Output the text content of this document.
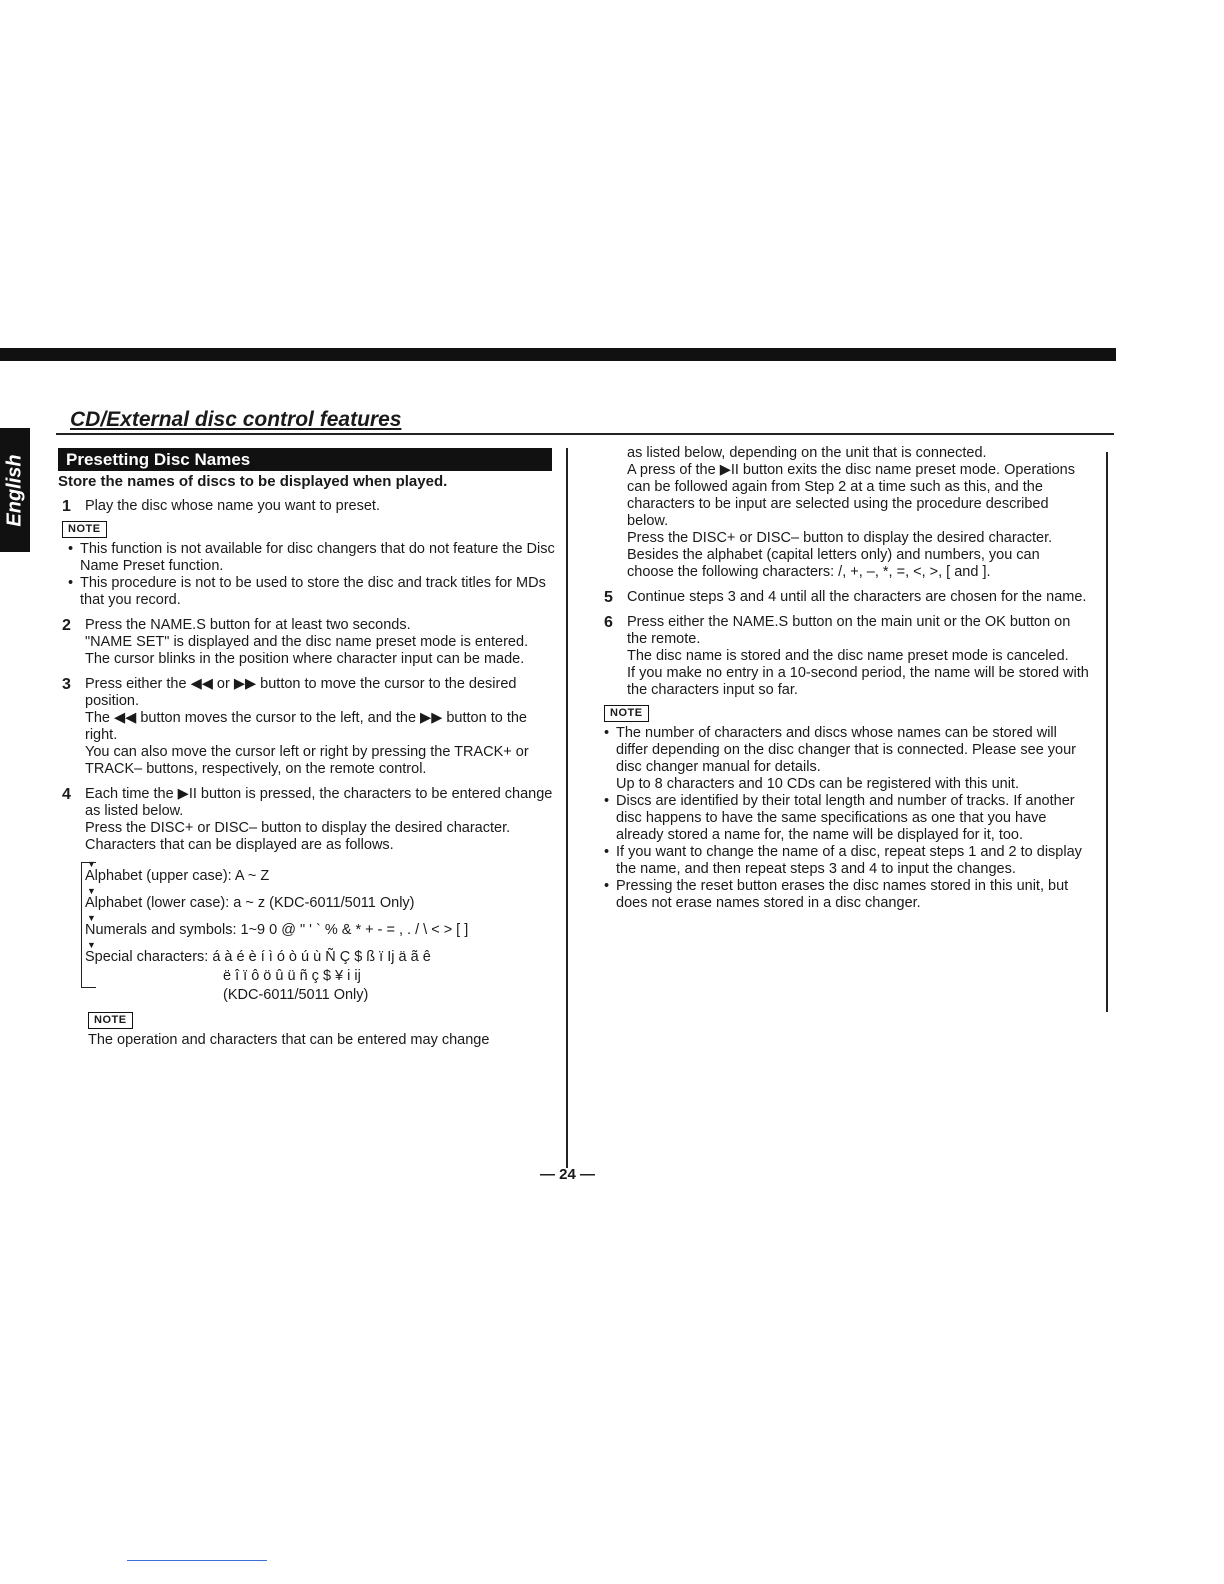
English
CD/External disc control features
Presetting Disc Names

Store the names of discs to be displayed when played.

1 Play the disc whose name you want to preset.

NOTE
• This function is not available for disc changers that do not feature the Disc Name Preset function.
• This procedure is not to be used to store the disc and track titles for MDs that you record.

2 Press the NAME.S button for at least two seconds.

"NAME SET" is displayed and the disc name preset mode is entered.

The cursor blinks in the position where character input can be made.

3 Press either the ◀◀ or ▶▶ button to move the cursor to the desired position.

The ◀◀ button moves the cursor to the left, and the ▶▶ button to the right.

You can also move the cursor left or right by pressing the TRACK+ or TRACK– buttons, respectively, on the remote control.

4 Each time the ▶II button is pressed, the characters to be entered change as listed below.

Press the DISC+ or DISC– button to display the desired character.

Characters that can be displayed are as follows.

▼
Alphabet (upper case): A ~ Z
▼
Alphabet (lower case): a ~ z (KDC-6011/5011 Only)
▼
Numerals and symbols: 1~9 0 @ " ' ` % & * + - = , . / \ < > [ ]
▼
Special characters: á à é è í ì ó ò ú ù Ñ Ç $ ß ï Ij ä ã ê
ë î ï ô ö û ü ñ ç $ ¥ i ij
(KDC-6011/5011 Only)
NOTE

The operation and characters that can be entered may change

as listed below, depending on the unit that is connected.

A press of the ▶II button exits the disc name preset mode. Operations can be followed again from Step 2 at a time such as this, and the characters to be input are selected using the procedure described below.

Press the DISC+ or DISC– button to display the desired character. Besides the alphabet (capital letters only) and numbers, you can choose the following characters: /, +, –, *, =, <, >, [ and ].

5 Continue steps 3 and 4 until all the characters are chosen for the name.

6 Press either the NAME.S button on the main unit or the OK button on the remote.

The disc name is stored and the disc name preset mode is canceled.

If you make no entry in a 10-second period, the name will be stored with the characters input so far.

NOTE
• The number of characters and discs whose names can be stored will differ depending on the disc changer that is connected. Please see your disc changer manual for details.

Up to 8 characters and 10 CDs can be registered with this unit.

• Discs are identified by their total length and number of tracks. If another disc happens to have the same specifications as one that you have already stored a name for, the name will be displayed for it, too.
• If you want to change the name of a disc, repeat steps 1 and 2 to display the name, and then repeat steps 3 and 4 to input the changes.
• Pressing the reset button erases the disc names stored in this unit, but does not erase names stored in a disc changer.
— 24 —
